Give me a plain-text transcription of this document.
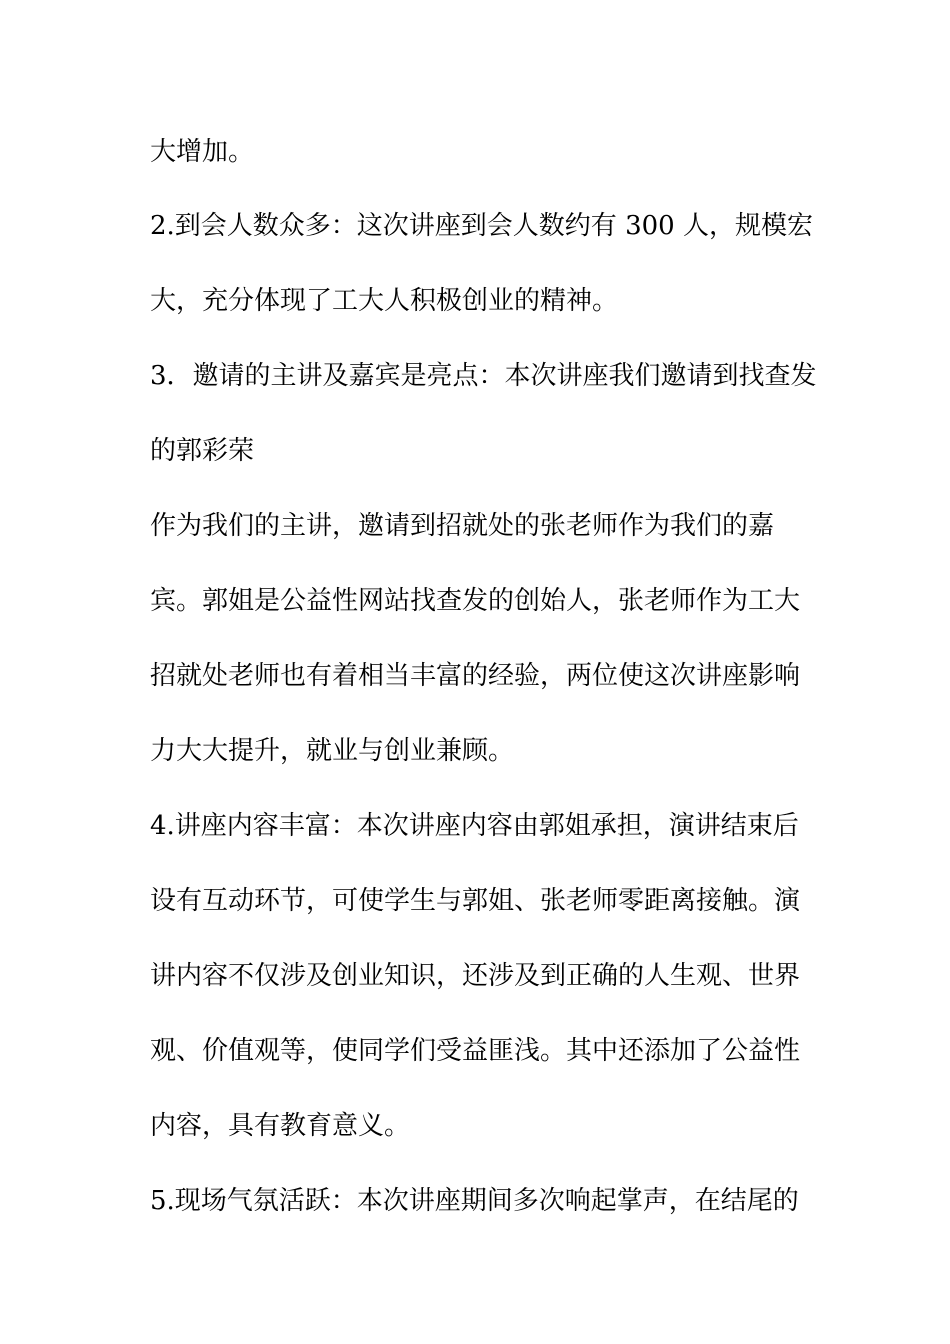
大增加。
2.到会人数众多：这次讲座到会人数约有 300 人，规模宏
大，充分体现了工大人积极创业的精神。
3．邀请的主讲及嘉宾是亮点：本次讲座我们邀请到找查发
的郭彩荣
作为我们的主讲，邀请到招就处的张老师作为我们的嘉
宾。郭姐是公益性网站找查发的创始人，张老师作为工大
招就处老师也有着相当丰富的经验，两位使这次讲座影响
力大大提升，就业与创业兼顾。
4.讲座内容丰富：本次讲座内容由郭姐承担，演讲结束后
设有互动环节，可使学生与郭姐、张老师零距离接触。演
讲内容不仅涉及创业知识，还涉及到正确的人生观、世界
观、价值观等，使同学们受益匪浅。其中还添加了公益性
内容，具有教育意义。
5.现场气氛活跃：本次讲座期间多次响起掌声，在结尾的
